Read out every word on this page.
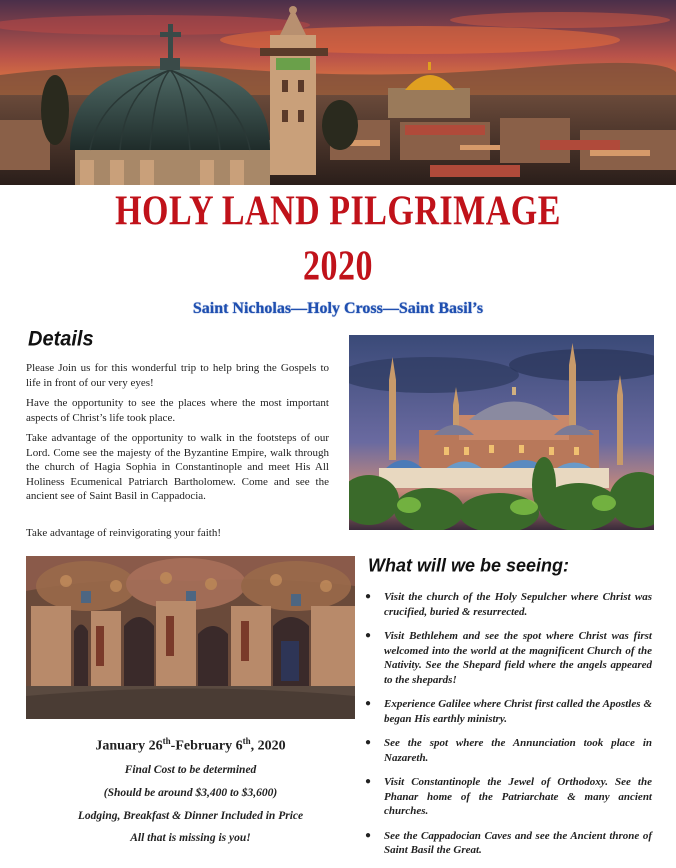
HOLY LAND PILGRIMAGE
2020
Saint Nicholas—Holy Cross—Saint Basil’s
Details
Please Join us for this wonderful trip to help bring the Gospels to life in front of our very eyes!
Have the opportunity to see the places where the most important aspects of Christ’s life took place.
Take advantage of the opportunity to walk in the footsteps of our Lord. Come see the majesty of the Byzantine Empire, walk through the church of Hagia Sophia in Constantinople and meet His All Holiness Ecumenical Patriarch Bartholomew. Come and see the ancient see of Saint Basil in Cappadocia.
Take advantage of reinvigorating your faith!
What will we be seeing:
● Visit the church of the Holy Sepulcher where Christ was crucified, buried & resurrected.
● Visit Bethlehem and see the spot where Christ was first welcomed into the world at the magnificent Church of the Nativity. See the Shepard field where the angels appeared to the shepards!
● Experience Galilee where Christ first called the Apostles & began His earthly ministry.
● See the spot where the Annunciation took place in Nazareth.
● Visit Constantinople the Jewel of Orthodoxy. See the Phanar home of the Patriarchate & many ancient churches.
● See the Cappadocian Caves and see the Ancient throne of Saint Basil the Great.
January 26th-February 6th, 2020
Final Cost to be determined
(Should be around $3,400 to $3,600)
Lodging, Breakfast & Dinner Included in Price
All that is missing is you!
